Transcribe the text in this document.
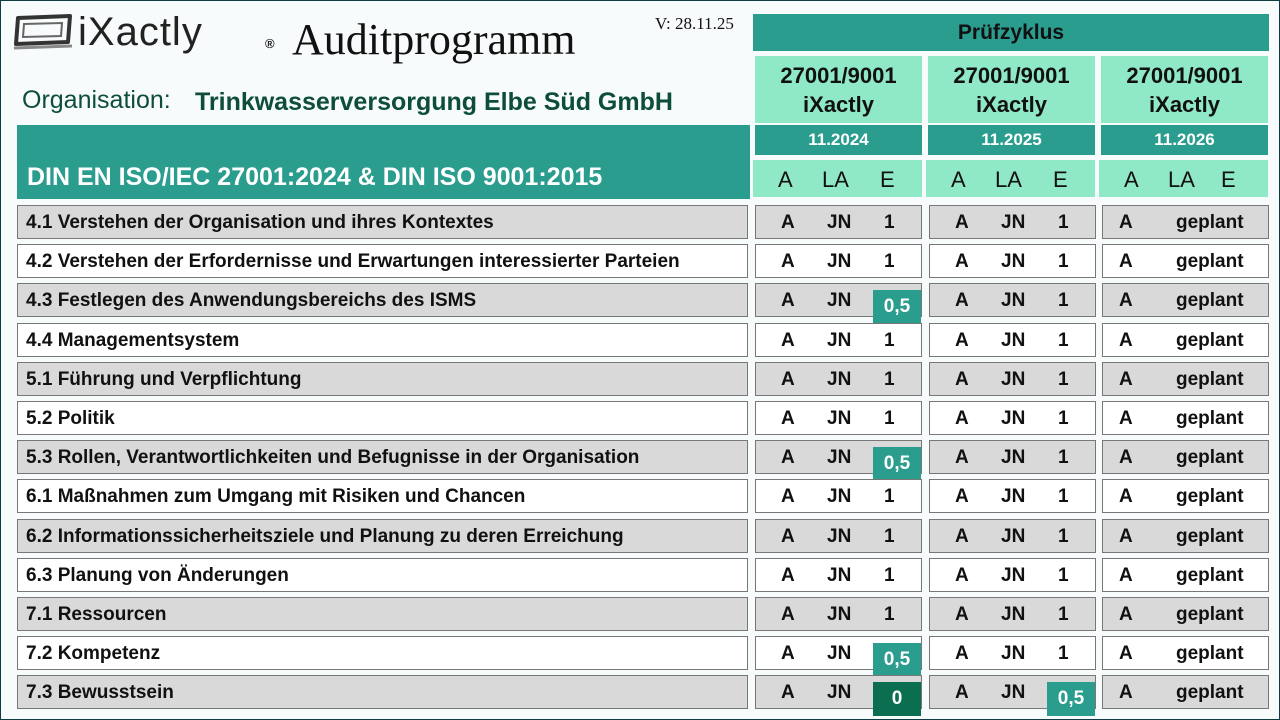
iXactly	® Auditprogramm	V: 28.11.25
Organisation: Trinkwasserversorgung Elbe Süd GmbH
DIN EN ISO/IEC 27001:2024 & DIN ISO 9001:2015
Prüfzyklus
27001/9001
iXactly
11.2024
A LA E
27001/9001
iXactly
11.2025
A LA E
27001/9001
iXactly
11.2026
A LA E
4.1 Verstehen der Organisation und ihres Kontextes	A JN 1	A JN 1	A geplant
4.2 Verstehen der Erfordernisse und Erwartungen interessierter Parteien	A JN 1	A JN 1	A geplant
4.3 Festlegen des Anwendungsbereichs des ISMS	A JN	0,5	A JN 1	A geplant
4.4 Managementsystem	A JN 1	A JN 1	A geplant
5.1 Führung und Verpflichtung	A JN 1	A JN 1	A geplant
5.2 Politik	A JN 1	A JN 1	A geplant
5.3 Rollen, Verantwortlichkeiten und Befugnisse in der Organisation	A JN	0,5	A JN 1	A geplant
6.1 Maßnahmen zum Umgang mit Risiken und Chancen	A JN 1	A JN 1	A geplant
6.2 Informationssicherheitsziele und Planung zu deren Erreichung	A JN 1	A JN 1	A geplant
6.3 Planung von Änderungen	A JN 1	A JN 1	A geplant
7.1 Ressourcen	A JN 1	A JN 1	A geplant
7.2 Kompetenz	A JN	0,5	A JN 1	A geplant
7.3 Bewusstsein	A JN	0	A JN	0,5	A geplant
